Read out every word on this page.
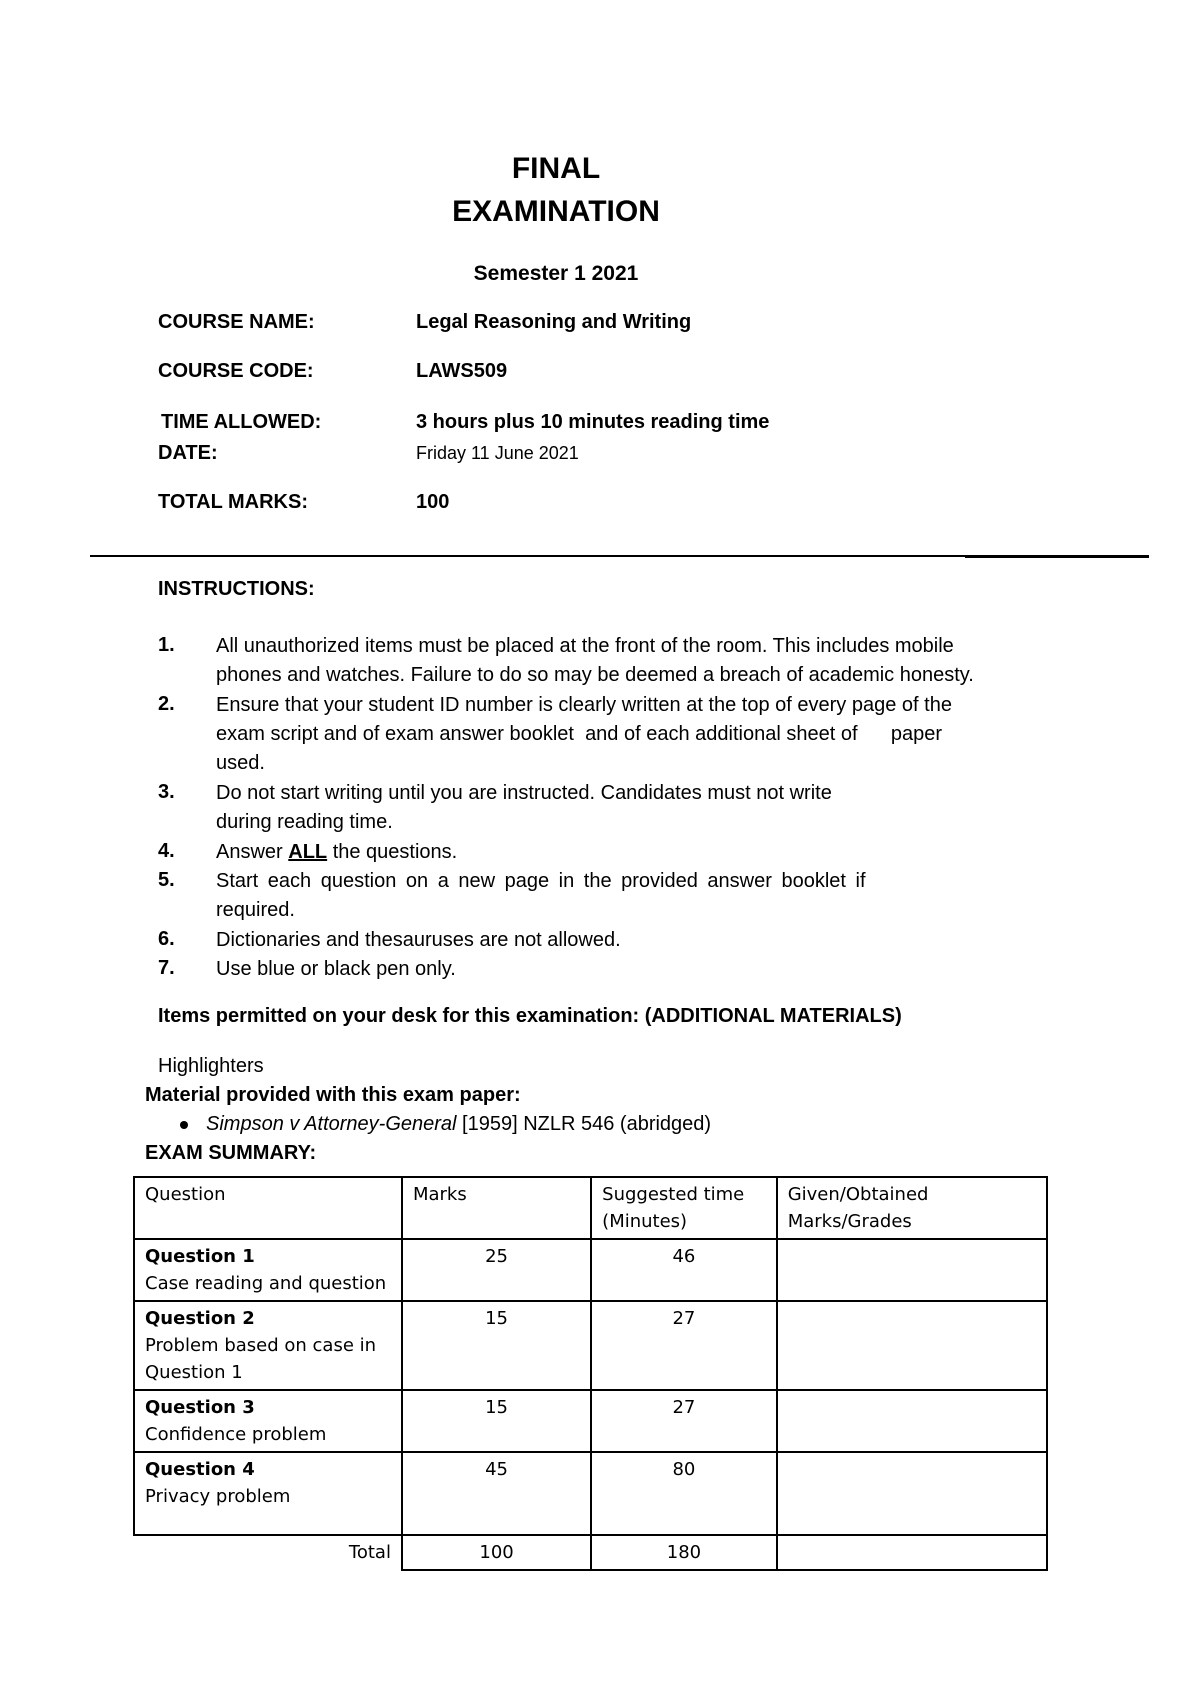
FINAL
EXAMINATION
Semester 1 2021
COURSE NAME:	Legal Reasoning and Writing
COURSE CODE:	LAWS509
TIME ALLOWED:	3 hours plus 10 minutes reading time
DATE:	Friday 11 June 2021
TOTAL MARKS:	100
INSTRUCTIONS:
1. All unauthorized items must be placed at the front of the room. This includes mobile
phones and watches. Failure to do so may be deemed a breach of academic honesty.
2. Ensure that your student ID number is clearly written at the top of every page of the
exam script and of exam answer booklet  and of each additional sheet of      paper
used.
3. Do not start writing until you are instructed. Candidates must not write
during reading time.
4. Answer ALL the questions.
5. Start each question on a new page in the provided answer booklet if
required.
6. Dictionaries and thesauruses are not allowed.
7. Use blue or black pen only.
Items permitted on your desk for this examination: (ADDITIONAL MATERIALS)
Highlighters
Material provided with this exam paper:
Simpson v Attorney-General [1959] NZLR 546 (abridged)
EXAM SUMMARY:
Question	Marks	Suggested time (Minutes)	Given/Obtained Marks/Grades

Question 1
Case reading and question	25	46	

Question 2
Problem based on case in Question 1	15	27	

Question 3
Confidence problem	15	27	

Question 4
Privacy problem	45	80	
Total	100	180	
